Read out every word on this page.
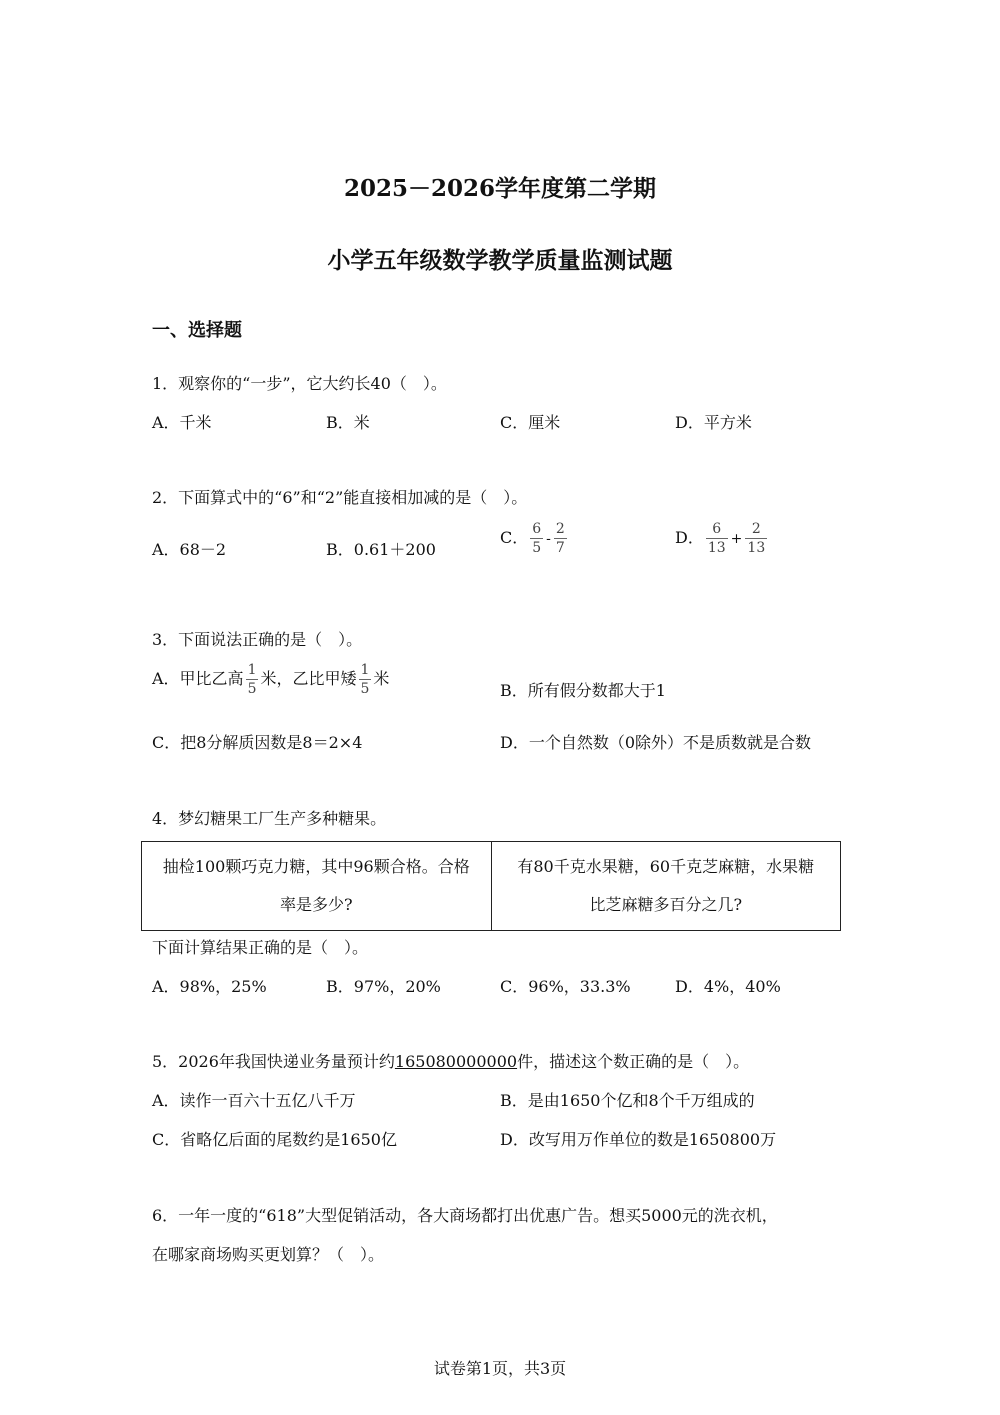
2025－2026学年度第二学期
小学五年级数学教学质量监测试题
一、选择题
1．观察你的“一步”，它大约长40（　）。
A．千米	B．米	C．厘米	D．平方米
2．下面算式中的“6”和“2”能直接相加减的是（　）。
A．68－2	B．0.61＋200
C． $\frac{6}{5} - \frac{2}{7}$	D． $\frac{6}{13} + \frac{2}{13}$
3．下面说法正确的是（　）。
A．甲比乙高 $\frac{1}{5}$ 米，乙比甲矮 $\frac{1}{5}$ 米
B．所有假分数都大于1
C．把8分解质因数是8＝2×4	D．一个自然数（0除外）不是质数就是合数
4．梦幻糖果工厂生产多种糖果。
抽检100颗巧克力糖，其中96颗合格。合格率是多少?	有80千克水果糖，60千克芝麻糖，水果糖比芝麻糖多百分之几?
下面计算结果正确的是（　）。
A．98%，25%	B．97%，20%	C．96%，33.3%	D．4%，40%
5．2026年我国快递业务量预计约165080000000件，描述这个数正确的是（　）。
A．读作一百六十五亿八千万	B．是由1650个亿和8个千万组成的
C．省略亿后面的尾数约是1650亿	D．改写用万作单位的数是1650800万
6．一年一度的“618”大型促销活动，各大商场都打出优惠广告。想买5000元的洗衣机，
在哪家商场购买更划算？（　）。
试卷第1页，共3页
